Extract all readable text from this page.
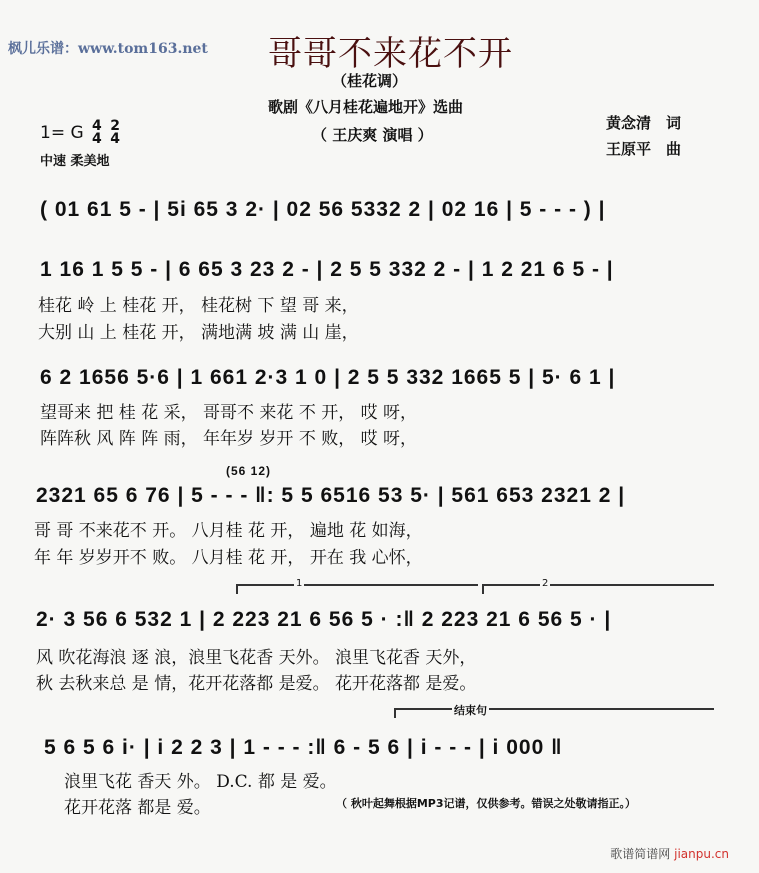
枫儿乐谱：www.tom163.net 哥哥不来花不开
（桂花调）
歌剧《八月桂花遍地开》选曲
（ 王庆爽 演唱 ）
黄念清　词
王原平　曲
1= G 4
4 2
4
中速 柔美地
( 01 61 5 - | 5i 65 3 2· | 02 56 5332 2 | 02 16 | 5 - - - ) |
1 16 1 5 5 - | 6 65 3 23 2 - | 2 5 5 332 2 - | 1 2 21 6 5 - |
桂花 岭 上 桂花 开， 桂花树 下 望 哥 来，
大别 山 上 桂花 开， 满地满 坡 满 山 崖，
6 2 1656 5·6 | 1 661 2·3 1 0 | 2 5 5 332 1665 5 | 5· 6 1 |
望哥来 把 桂 花 采， 哥哥不 来花 不 开， 哎 呀，
阵阵秋 风 阵 阵 雨， 年年岁 岁开 不 败， 哎 呀，
(56 12)
2321 65 6 76 | 5 - - - ‖: 5 5 6516 53 5· | 561 653 2321 2 |
哥 哥 不来花不 开。 八月桂 花 开， 遍地 花 如海，
年 年 岁岁开不 败。 八月桂 花 开， 开在 我 心怀，
1	2
2· 3 56 6 532 1 | 2 223 21 6 56 5 · :‖ 2 223 21 6 56 5 · |
风 吹花海浪 逐 浪，浪里飞花香 天外。 浪里飞花香 天外，
秋 去秋来总 是 情，花开花落都 是爱。 花开花落都 是爱。
结束句
5 6 5 6 i· | i 2 2 3 | 1 - - - :‖ 6 - 5 6 | i - - - | i 000 ‖
浪里飞花 香天 外。 D.C. 都 是 爱。
花开花落 都是 爱。	（ 秋叶起舞根据MP3记谱，仅供参考。错误之处敬请指正。）
歌谱简谱网 jianpu.cn
